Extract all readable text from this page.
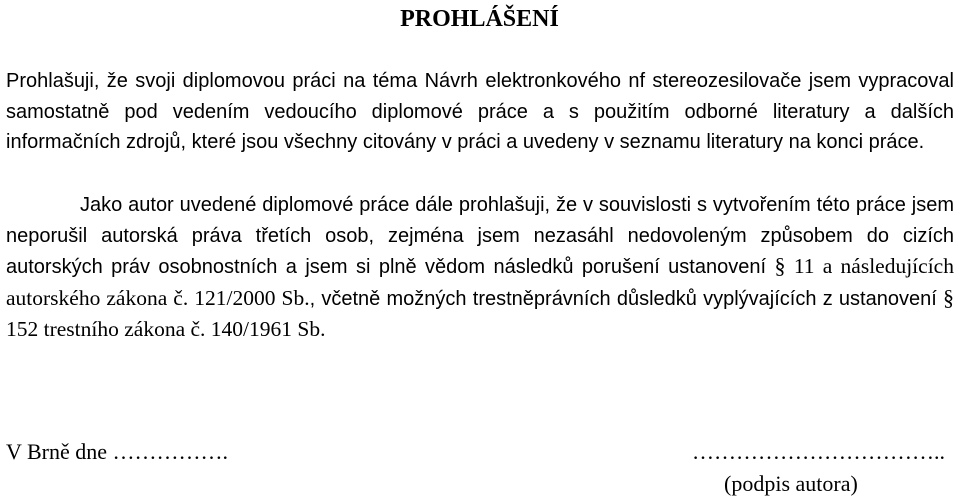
PROHLÁŠENÍ

Prohlašuji, že svoji diplomovou práci na téma Návrh elektronkového nf stereozesilovače jsem vypracoval samostatně pod vedením vedoucího diplomové práce a s použitím odborné literatury a dalších informačních zdrojů, které jsou všechny citovány v práci a uvedeny v seznamu literatury na konci práce.

Jako autor uvedené diplomové práce dále prohlašuji, že v souvislosti s vytvořením této práce jsem neporušil autorská práva třetích osob, zejména jsem nezasáhl nedovoleným způsobem do cizích autorských práv osobnostních a jsem si plně vědom následků porušení ustanovení § 11 a následujících autorského zákona č. 121/2000 Sb., včetně možných trestněprávních důsledků vyplývajících z ustanovení § 152 trestního zákona č. 140/1961 Sb.

V Brně dne …………….	……………………………..
(podpis autora)
